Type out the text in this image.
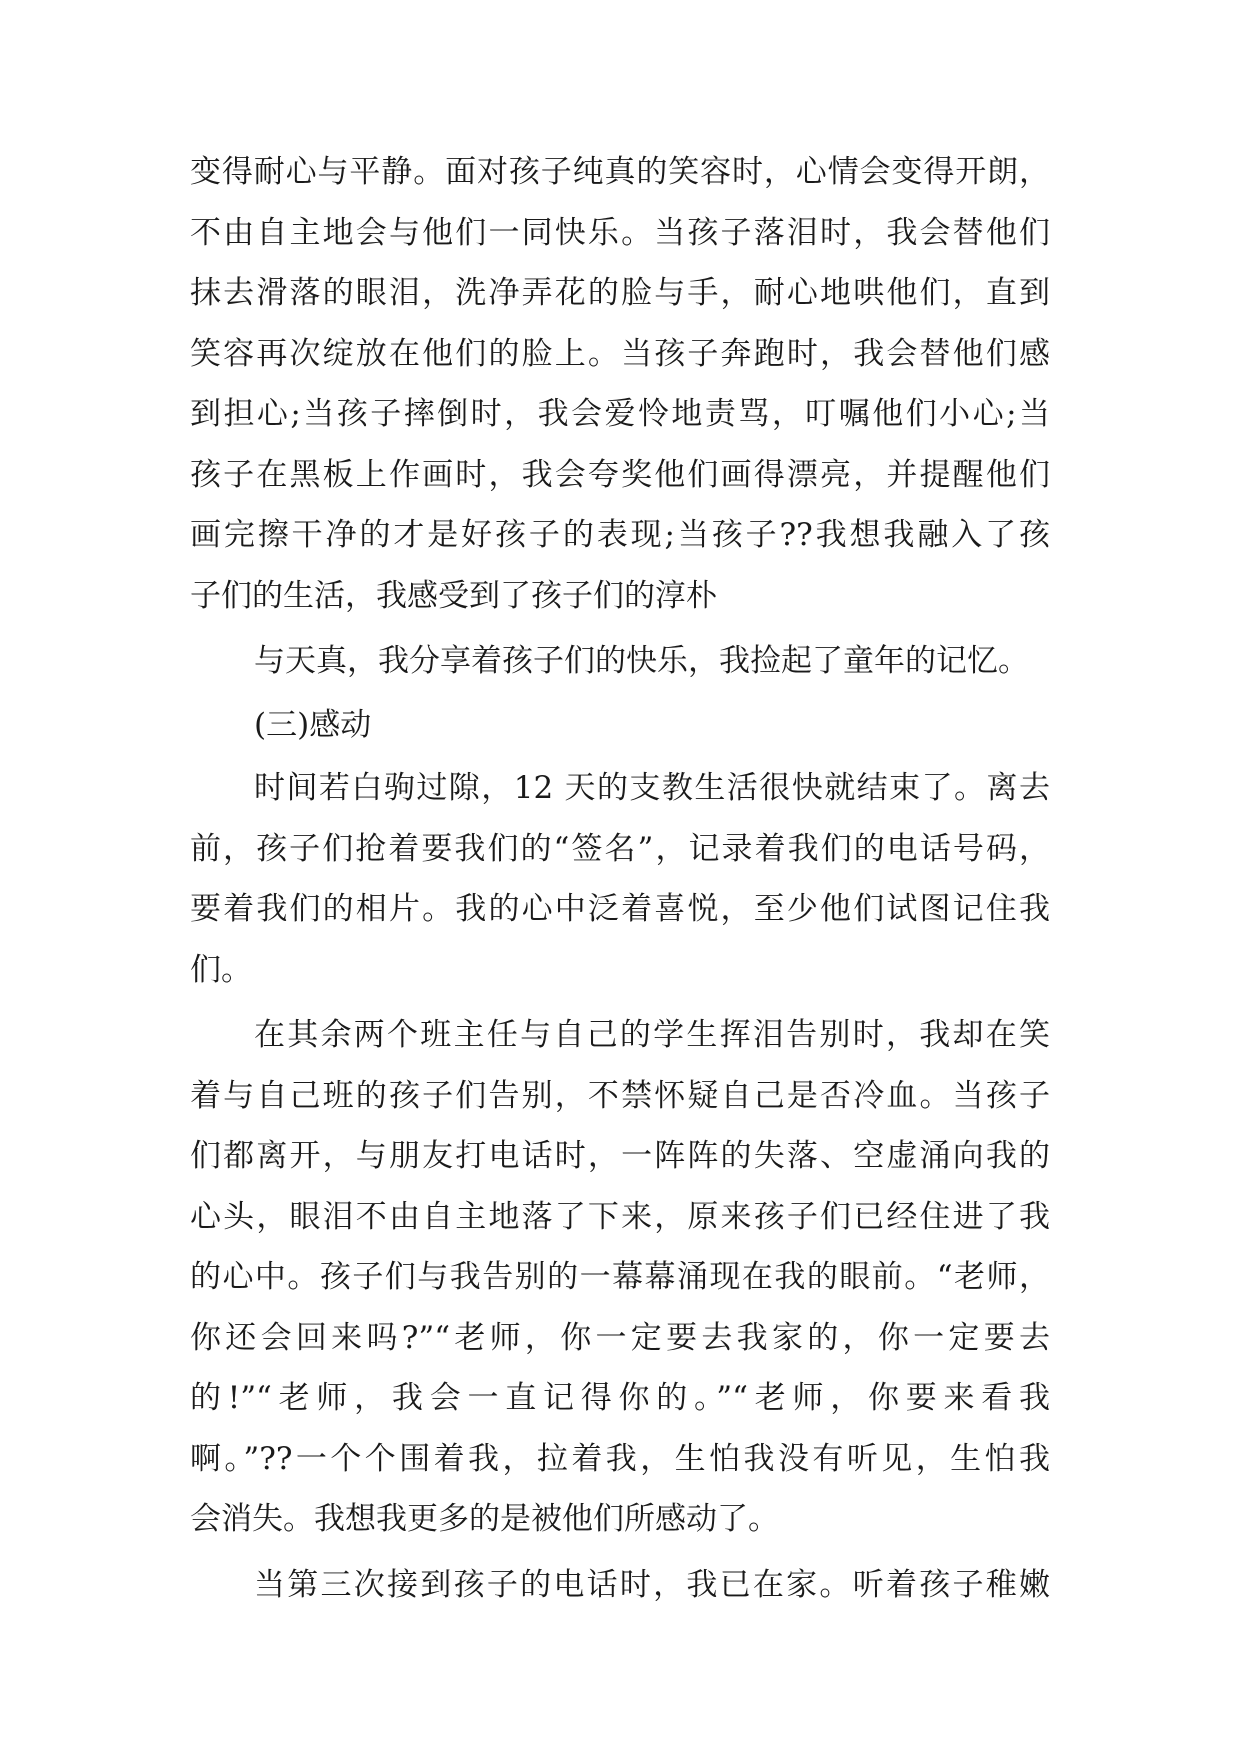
变得耐心与平静。面对孩子纯真的笑容时，心情会变得开朗，
不由自主地会与他们一同快乐。当孩子落泪时，我会替他们
抹去滑落的眼泪，洗净弄花的脸与手，耐心地哄他们，直到
笑容再次绽放在他们的脸上。当孩子奔跑时，我会替他们感
到担心;当孩子摔倒时，我会爱怜地责骂，叮嘱他们小心;当
孩子在黑板上作画时，我会夸奖他们画得漂亮，并提醒他们
画完擦干净的才是好孩子的表现;当孩子??我想我融入了孩
子们的生活，我感受到了孩子们的淳朴
与天真，我分享着孩子们的快乐，我捡起了童年的记忆。
(三)感动
时间若白驹过隙，12 天的支教生活很快就结束了。离去
前，孩子们抢着要我们的“签名”，记录着我们的电话号码，
要着我们的相片。我的心中泛着喜悦，至少他们试图记住我
们。
在其余两个班主任与自己的学生挥泪告别时，我却在笑
着与自己班的孩子们告别，不禁怀疑自己是否冷血。当孩子
们都离开，与朋友打电话时，一阵阵的失落、空虚涌向我的
心头，眼泪不由自主地落了下来，原来孩子们已经住进了我
的心中。孩子们与我告别的一幕幕涌现在我的眼前。“老师，
你还会回来吗?”“老师，你一定要去我家的，你一定要去
的!”“老师，我会一直记得你的。”“老师，你要来看我
啊。”??一个个围着我，拉着我，生怕我没有听见，生怕我
会消失。我想我更多的是被他们所感动了。
当第三次接到孩子的电话时，我已在家。听着孩子稚嫩
